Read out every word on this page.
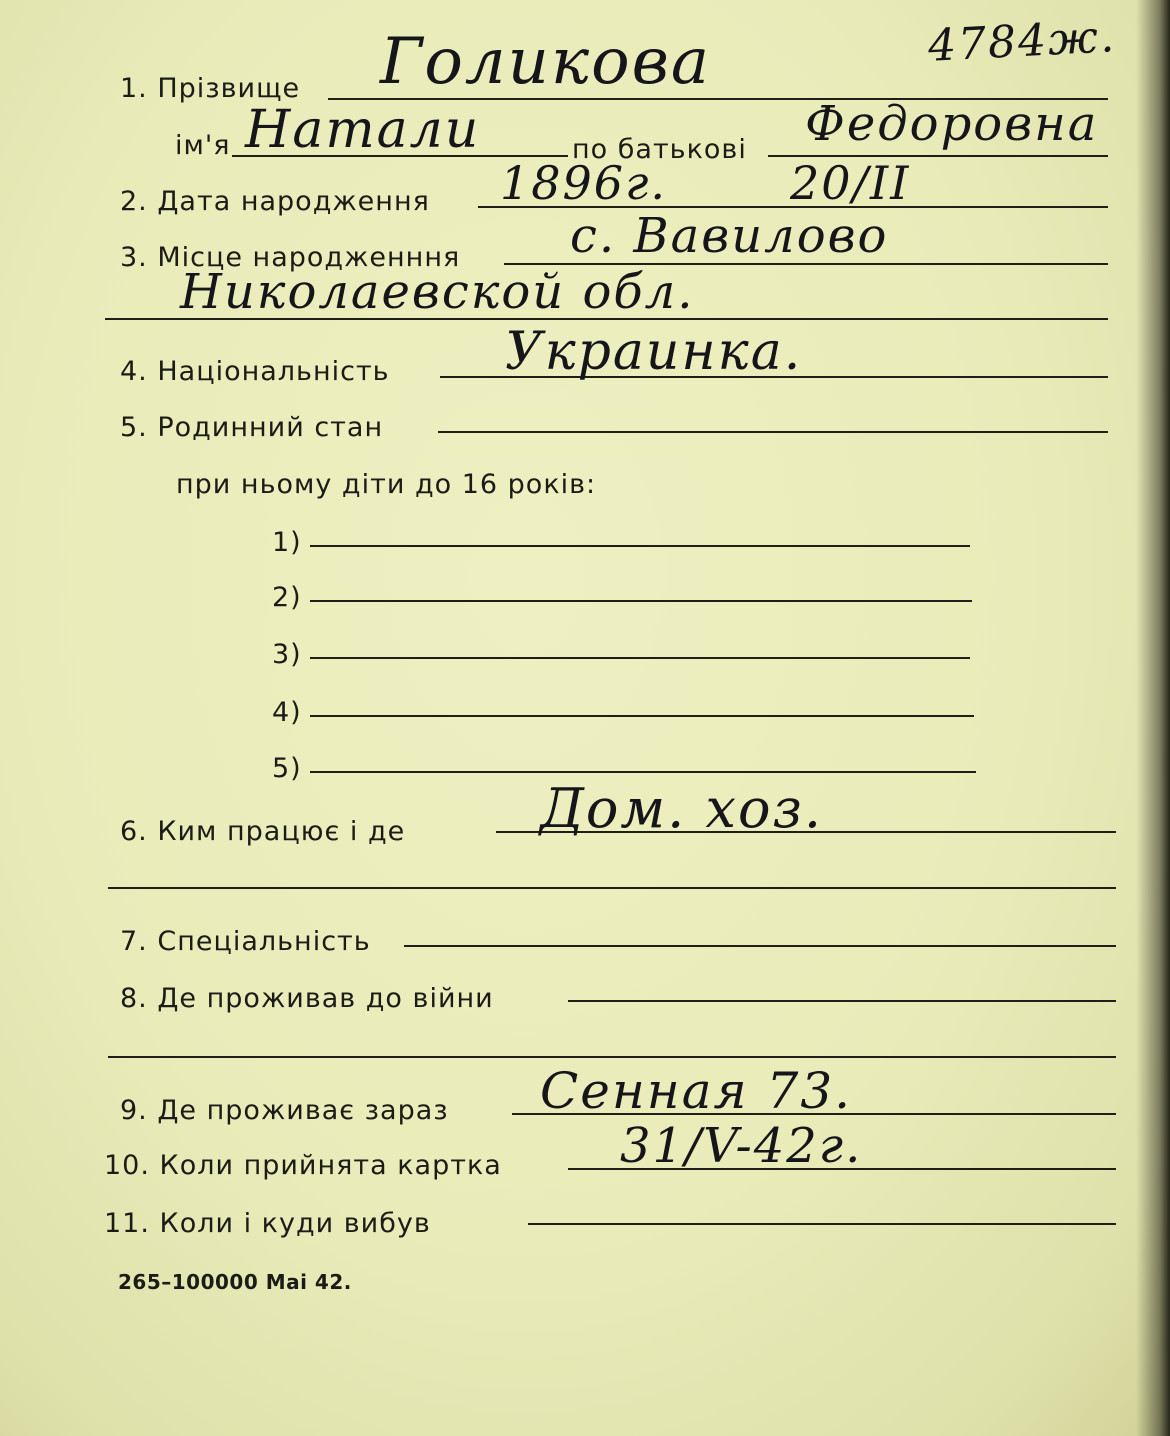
4784ж.
1. Прізвище Голикова
ім'я Натали	по батькові Федоровна
2. Дата народження 1896г.	20/II
3. Місце народженння с. Вавилово
Николаевской обл.
4. Національність Украинка.
5. Родинний стан
при ньому діти до 16 років:
1)
2)
3)
4)
5)
6. Ким працює і де Дом. хоз.
7. Спеціальність
8. Де проживав до війни
9. Де проживає зараз Сенная 73.
10. Коли прийнята картка 31/V-42г.
11. Коли і куди вибув
265–100000 Mai 42.
